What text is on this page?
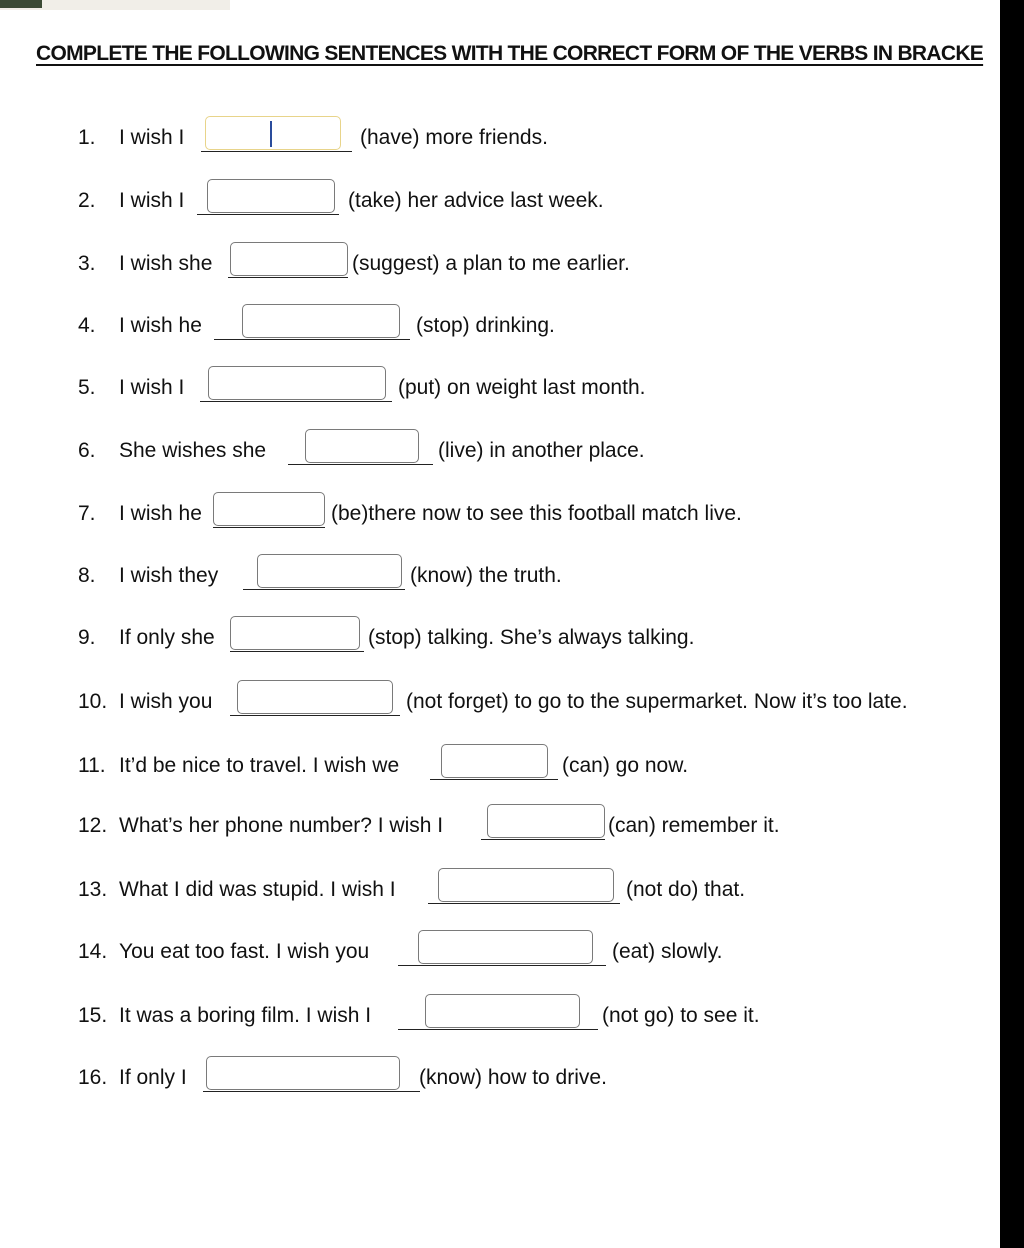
COMPLETE THE FOLLOWING SENTENCES WITH THE CORRECT FORM OF THE VERBS IN BRACKE
1. I wish I	(have) more friends.
2. I wish I	(take) her advice last week.
3. I wish she	(suggest) a plan to me earlier.
4. I wish he	(stop) drinking.
5. I wish I	(put) on weight last month.
6. She wishes she	(live) in another place.
7. I wish he	(be)there now to see this football match live.
8. I wish they	(know) the truth.
9. If only she	(stop) talking. She’s always talking.
10. I wish you	(not forget) to go to the supermarket. Now it’s too late.
11. It’d be nice to travel. I wish we	(can) go now.
12. What’s her phone number? I wish I	(can) remember it.
13. What I did was stupid. I wish I	(not do) that.
14. You eat too fast. I wish you	(eat) slowly.
15. It was a boring film. I wish I	(not go) to see it.
16. If only I	(know) how to drive.
